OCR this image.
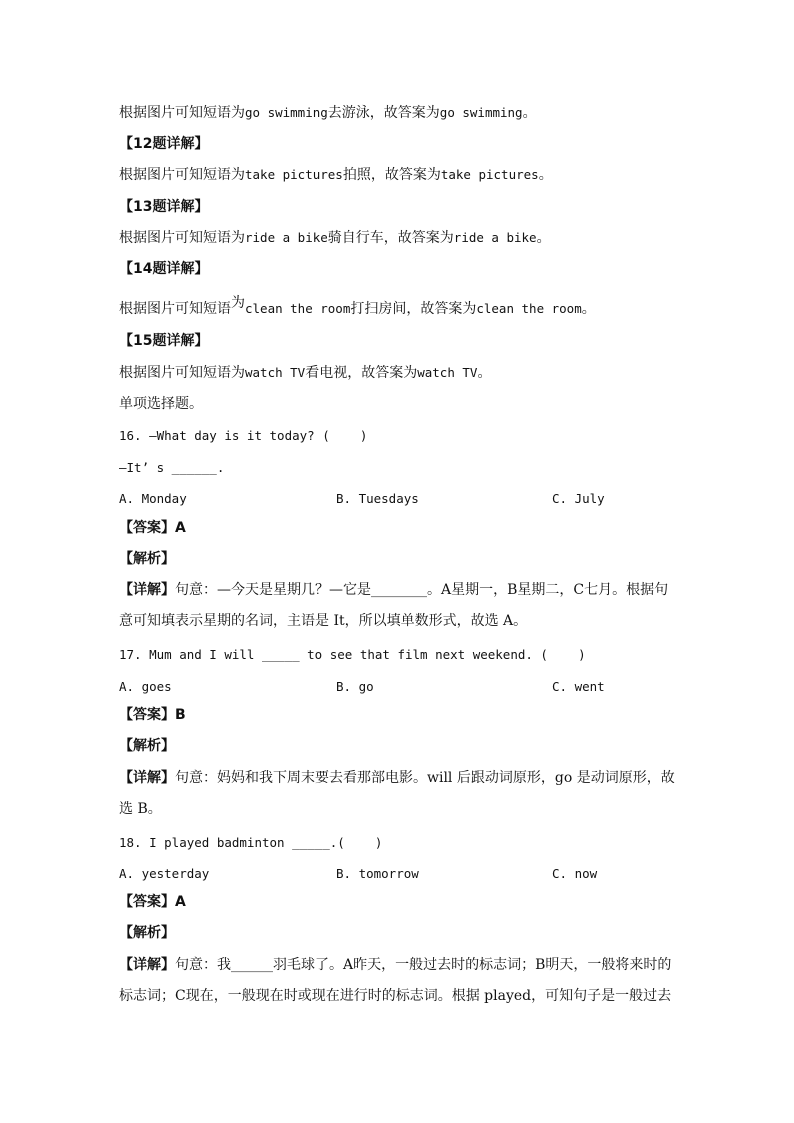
根据图片可知短语为go swimming去游泳，故答案为go swimming。

【12题详解】

根据图片可知短语为take pictures拍照，故答案为take pictures。

【13题详解】

根据图片可知短语为ride a bike骑自行车，故答案为ride a bike。

【14题详解】

根据图片可知短语为clean the room打扫房间，故答案为clean the room。

【15题详解】

根据图片可知短语为watch TV看电视，故答案为watch TV。

单项选择题。

16. —What day is it today? (    )

—It’ s ______.

A. Monday	B. Tuesdays	C. July

【答案】A

【解析】

【详解】句意：—今天是星期几？—它是________。A星期一，B星期二，C七月。根据句

意可知填表示星期的名词，主语是 It，所以填单数形式，故选 A。

17. Mum and I will _____ to see that film next weekend. (    )

A. goes	B. go	C. went

【答案】B

【解析】

【详解】句意：妈妈和我下周末要去看那部电影。will 后跟动词原形，go 是动词原形，故

选 B。

18. I played badminton _____.(    )

A. yesterday	B. tomorrow	C. now

【答案】A

【解析】

【详解】句意：我______羽毛球了。A昨天，一般过去时的标志词；B明天，一般将来时的

标志词；C现在，一般现在时或现在进行时的标志词。根据 played，可知句子是一般过去
